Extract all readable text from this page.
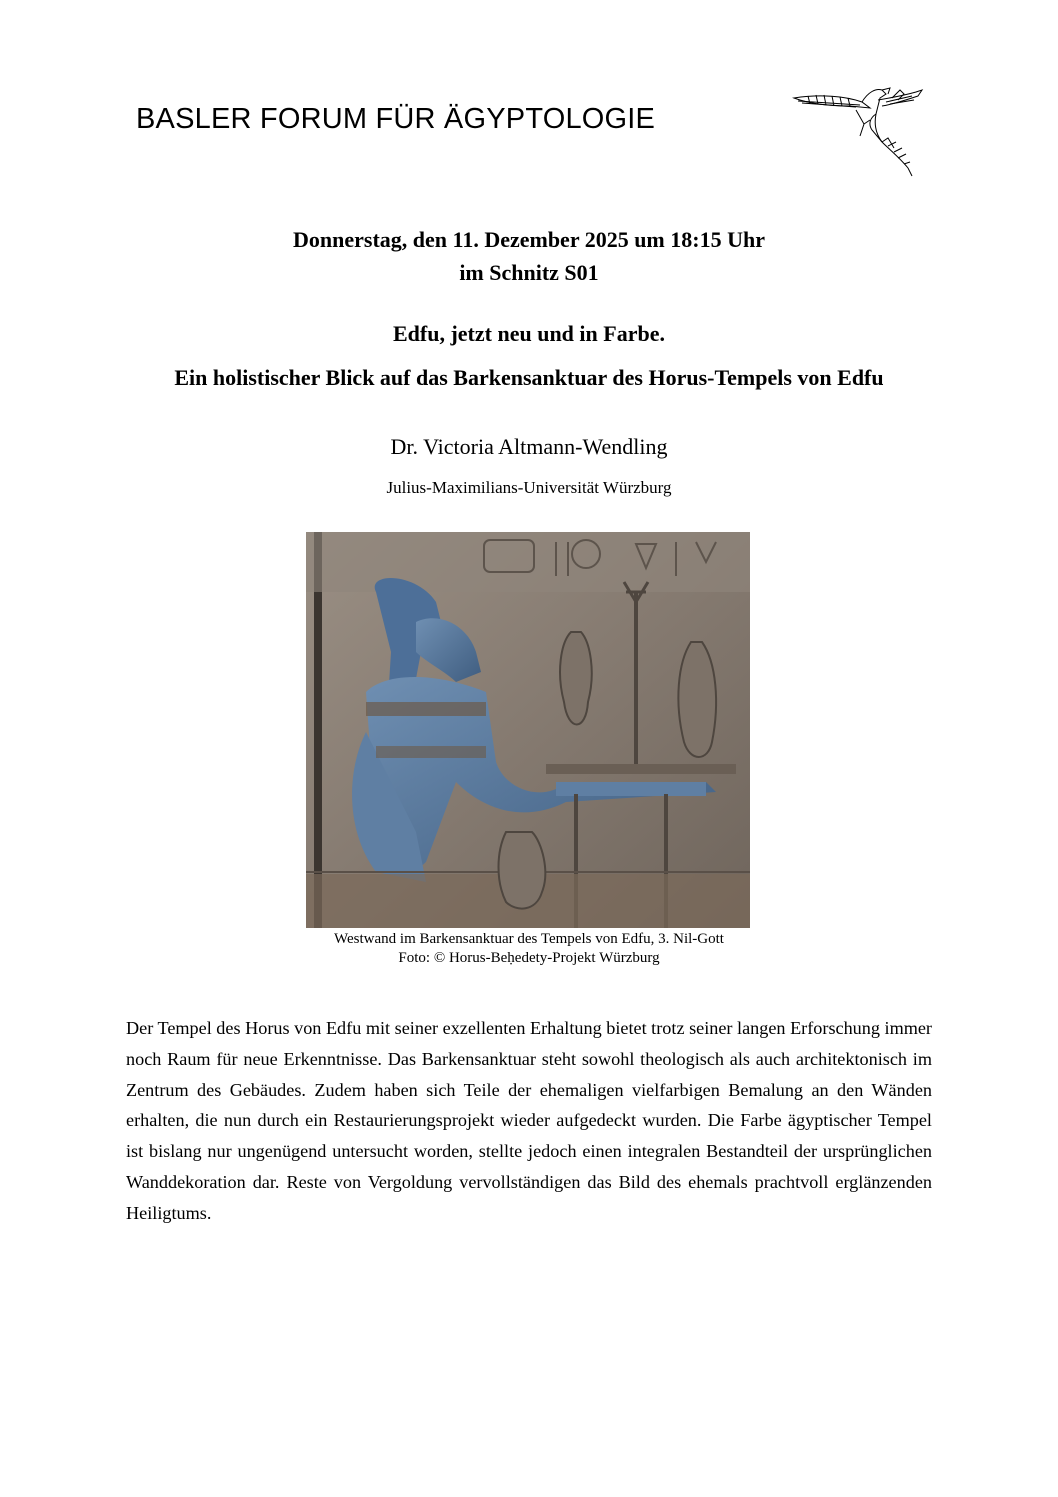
BASLER FORUM FÜR ÄGYPTOLOGIE
Donnerstag, den 11. Dezember 2025 um 18:15 Uhr
im Schnitz S01
Edfu, jetzt neu und in Farbe.
Ein holistischer Blick auf das Barkensanktuar des Horus-Tempels von Edfu
Dr. Victoria Altmann-Wendling
Julius-Maximilians-Universität Würzburg
Westwand im Barkensanktuar des Tempels von Edfu, 3. Nil-Gott
Foto: © Horus-Beḥedety-Projekt Würzburg
Der Tempel des Horus von Edfu mit seiner exzellenten Erhaltung bietet trotz seiner langen Erforschung immer noch Raum für neue Erkenntnisse. Das Barkensanktuar steht sowohl theologisch als auch architektonisch im Zentrum des Gebäudes. Zudem haben sich Teile der ehemaligen vielfarbigen Bemalung an den Wänden erhalten, die nun durch ein Restaurierungsprojekt wieder aufgedeckt wurden. Die Farbe ägyptischer Tempel ist bislang nur ungenügend untersucht worden, stellte jedoch einen integralen Bestandteil der ursprünglichen Wanddekoration dar. Reste von Vergoldung vervollständigen das Bild des ehemals prachtvoll erglänzenden Heiligtums.
